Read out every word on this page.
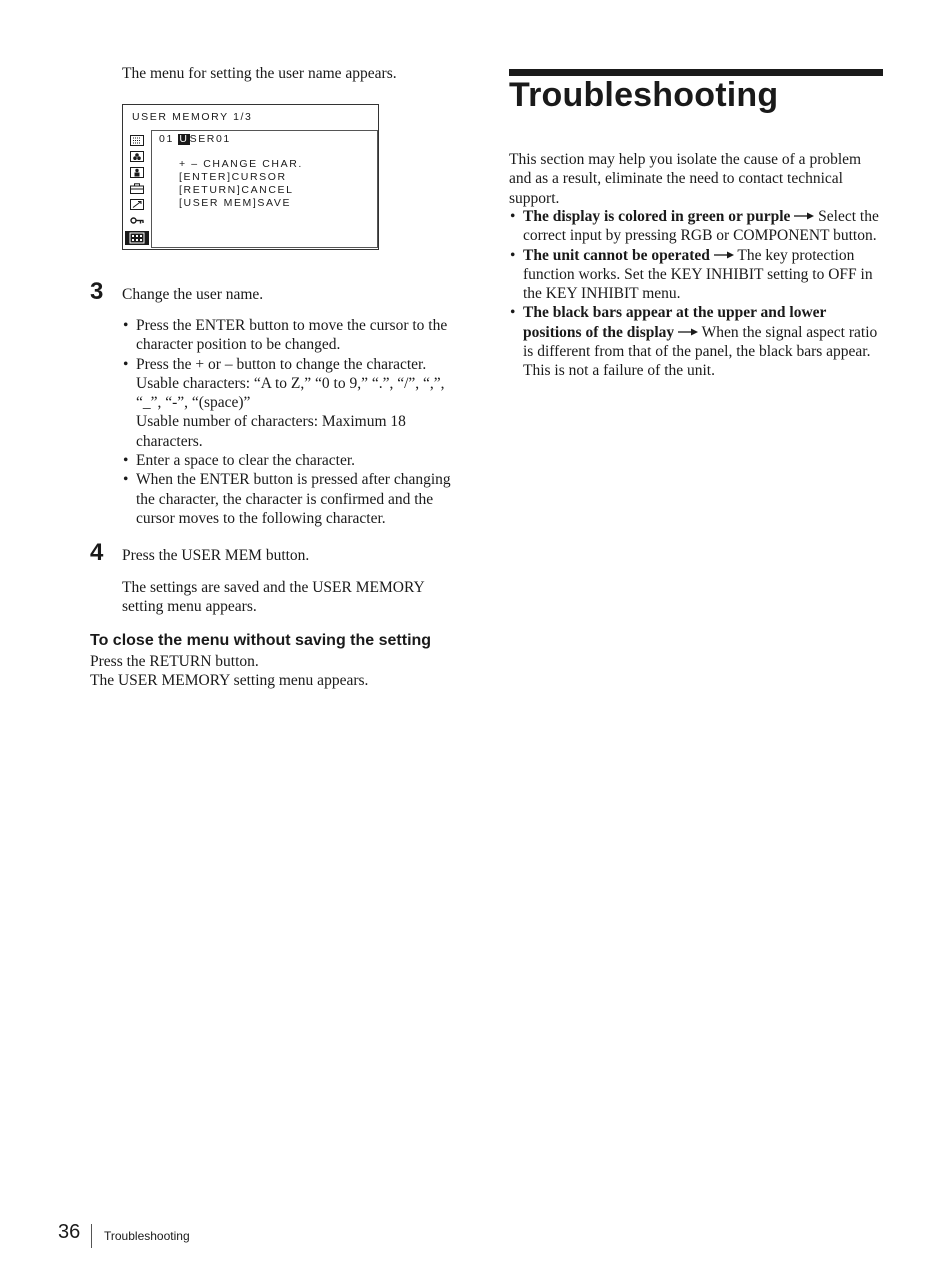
The menu for setting the user name appears.
USER MEMORY 1/3
01 USER01
+ – CHANGE CHAR.
[ENTER]CURSOR
[RETURN]CANCEL
[USER MEM]SAVE
3 Change the user name.
• Press the ENTER button to move the cursor to the character position to be changed.
• Press the + or – button to change the character.
Usable characters: “A to Z,” “0 to 9,” “.”, “/”, “,”, “_”, “-”, “(space)”
Usable number of characters: Maximum 18 characters.
• Enter a space to clear the character.
• When the ENTER button is pressed after changing the character, the character is confirmed and the cursor moves to the following character.
4 Press the USER MEM button.
The settings are saved and the USER MEMORY setting menu appears.
To close the menu without saving the setting
Press the RETURN button.
The USER MEMORY setting menu appears.
Troubleshooting
This section may help you isolate the cause of a problem and as a result, eliminate the need to contact technical support.
• The display is colored in green or purple Select the correct input by pressing RGB or COMPONENT button.
• The unit cannot be operated The key protection function works. Set the KEY INHIBIT setting to OFF in the KEY INHIBIT menu.
• The black bars appear at the upper and lower positions of the display When the signal aspect ratio is different from that of the panel, the black bars appear. This is not a failure of the unit.
36 Troubleshooting
